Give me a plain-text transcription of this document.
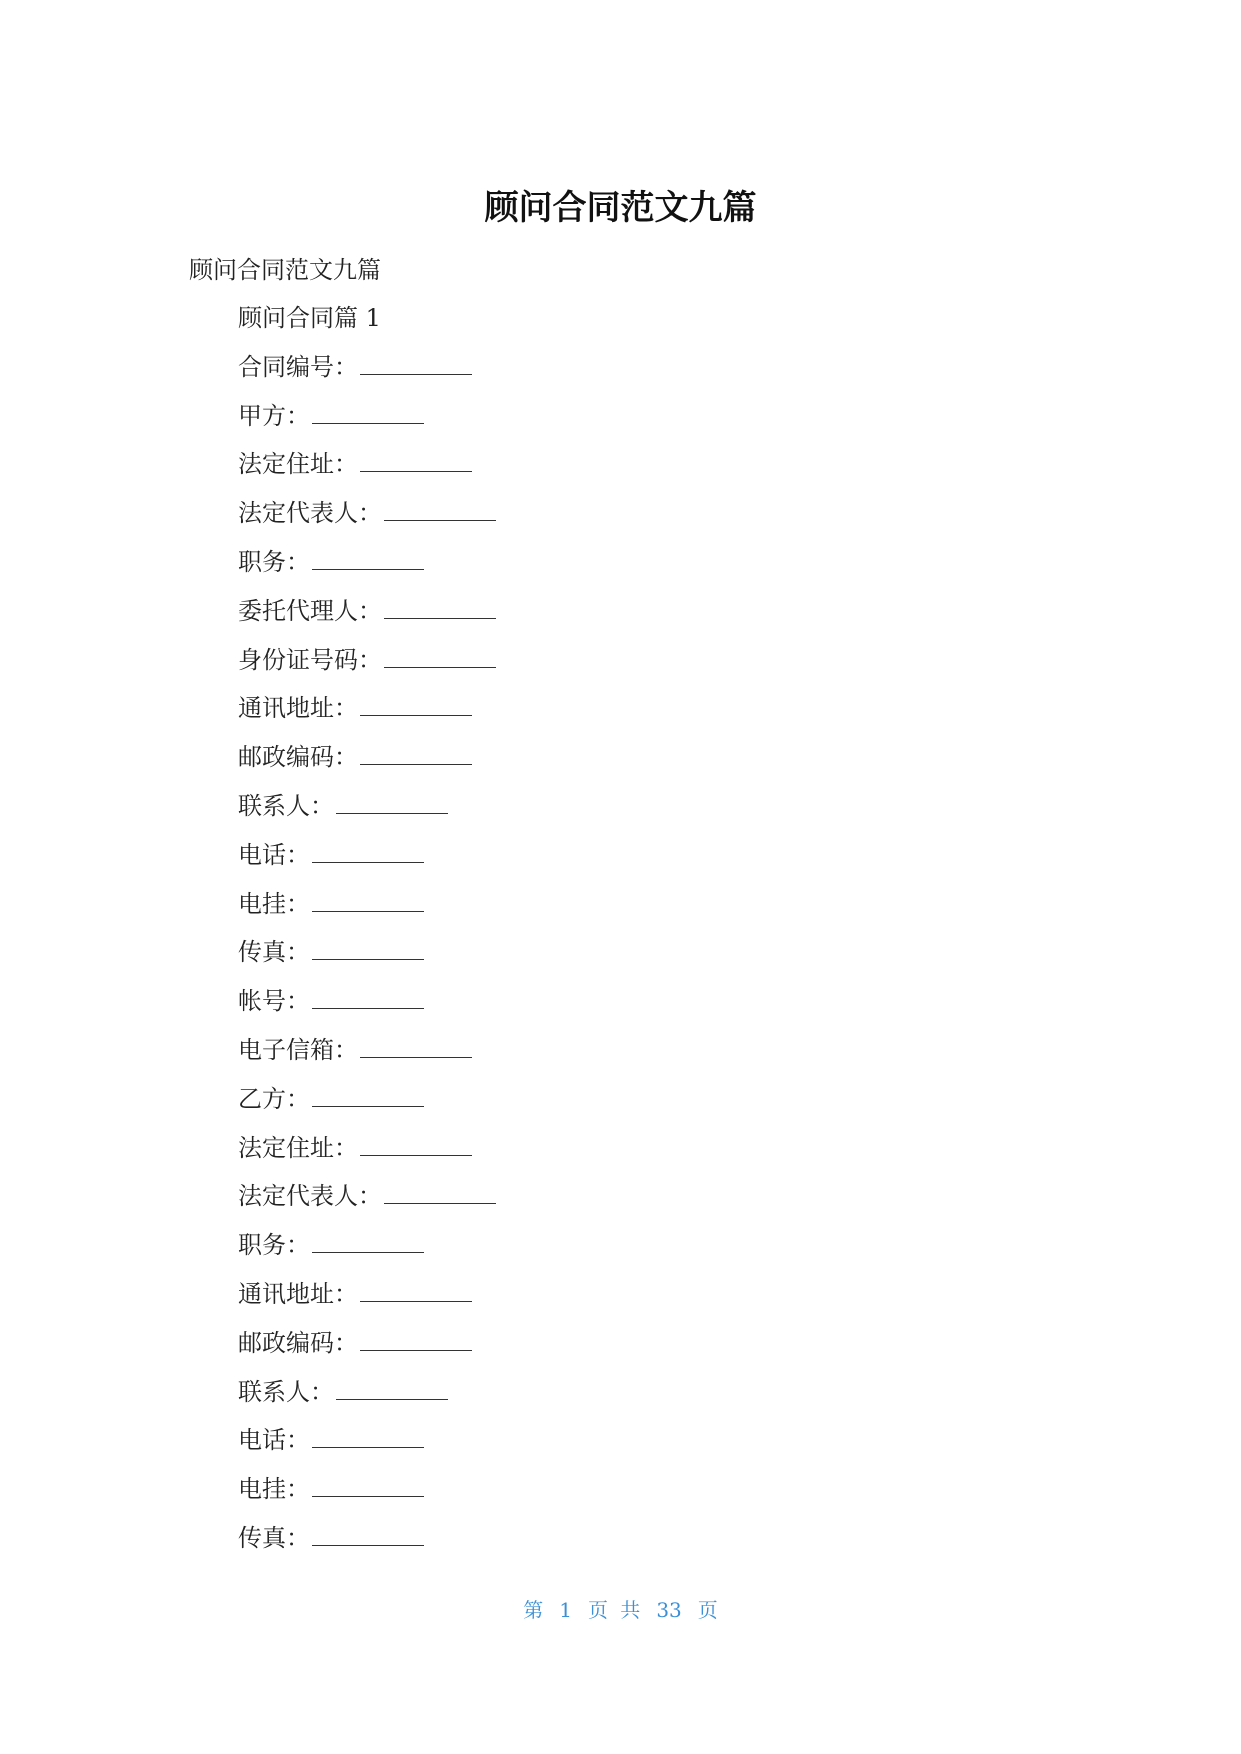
顾问合同范文九篇
顾问合同范文九篇
顾问合同篇 1
合同编号：
甲方：
法定住址：
法定代表人：
职务：
委托代理人：
身份证号码：
通讯地址：
邮政编码：
联系人：
电话：
电挂：
传真：
帐号：
电子信箱：
乙方：
法定住址：
法定代表人：
职务：
通讯地址：
邮政编码：
联系人：
电话：
电挂：
传真：
第 1 页 共 33 页
